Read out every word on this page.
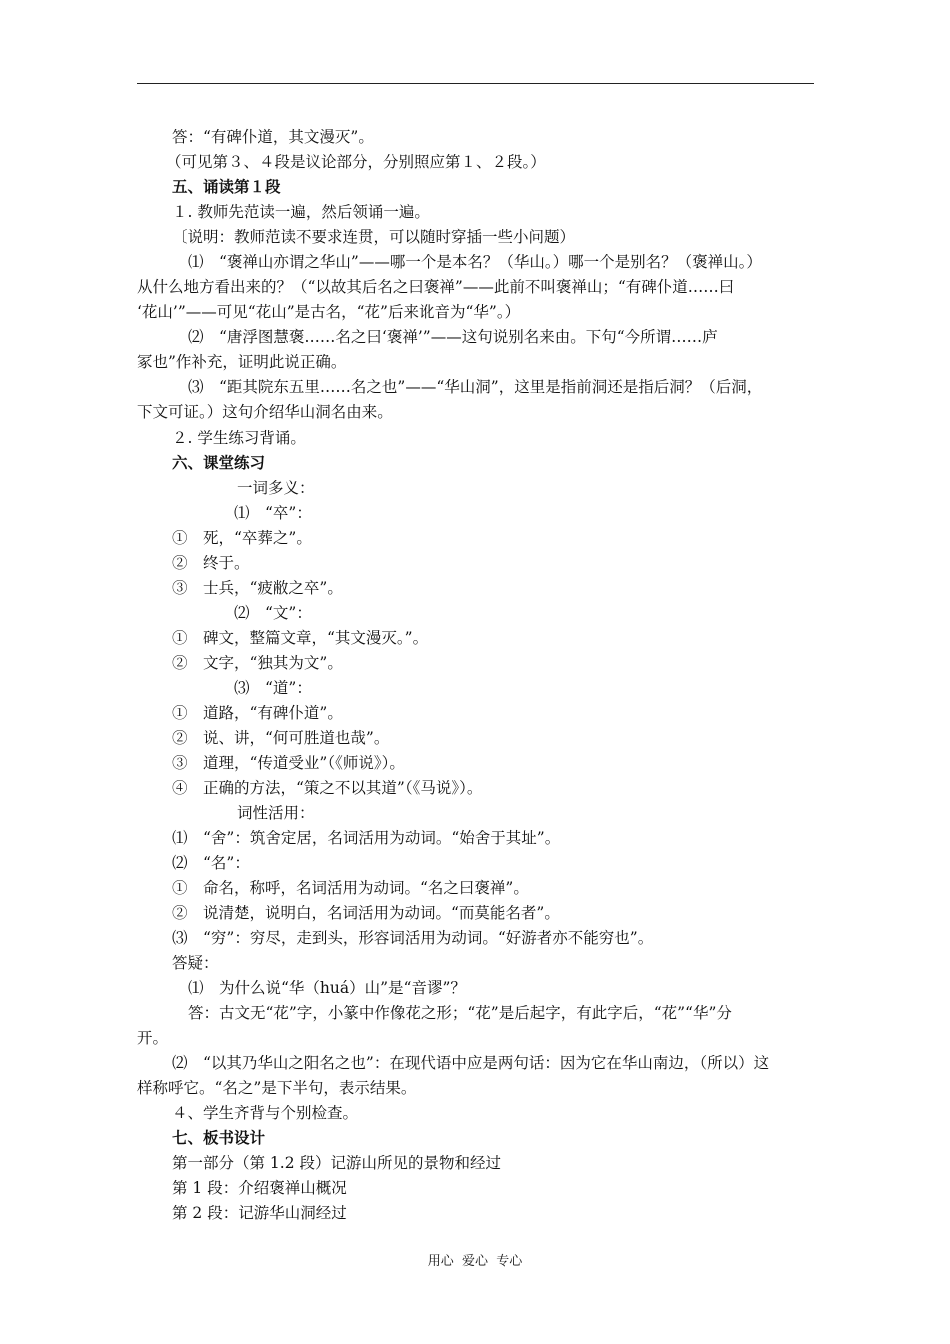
答：“有碑仆道，其文漫灭”。
（可见第３、４段是议论部分，分别照应第１、２段。）
五、诵读第１段
１. 教师先范读一遍，然后领诵一遍。
〔说明：教师范读不要求连贯，可以随时穿插一些小问题）
⑴　“褒禅山亦谓之华山”——哪一个是本名？（华山。）哪一个是别名？（褒禅山。）
从什么地方看出来的？（“以故其后名之曰褒禅”——此前不叫褒禅山；“有碑仆道……曰
‘花山’”——可见“花山”是古名，“花”后来讹音为“华”。）
⑵　“唐浮图慧褒……名之曰‘褒禅’”——这句说别名来由。下句“今所谓……庐
冢也”作补充，证明此说正确。
⑶　“距其院东五里……名之也”——“华山洞”，这里是指前洞还是指后洞？（后洞，
下文可证。）这句介绍华山洞名由来。
２. 学生练习背诵。
六、课堂练习
一词多义：
⑴　“卒”：
①　死，“卒葬之”。
②　终于。
③　士兵，“疲敝之卒”。
⑵　“文”：
①　碑文，整篇文章，“其文漫灭。”。
②　文字，“独其为文”。
⑶　“道”：
①　道路，“有碑仆道”。
②　说、讲，“何可胜道也哉”。
③　道理，“传道受业”（《师说》）。
④　正确的方法，“策之不以其道”（《马说》）。
词性活用：
⑴　“舍”：筑舍定居，名词活用为动词。“始舍于其址”。
⑵　“名”：
①　命名，称呼，名词活用为动词。“名之曰褒禅”。
②　说清楚，说明白，名词活用为动词。“而莫能名者”。
⑶　“穷”：穷尽，走到头，形容词活用为动词。“好游者亦不能穷也”。
答疑：
⑴　为什么说“华（huá）山”是“音谬”？
答：古文无“花”字，小篆中作像花之形；“花”是后起字，有此字后，“花”“华”分
开。
⑵　“以其乃华山之阳名之也”：在现代语中应是两句话：因为它在华山南边，（所以）这
样称呼它。“名之”是下半句，表示结果。
４、学生齐背与个别检查。
七、板书设计
第一部分（第 1.2 段）记游山所见的景物和经过
第 1 段：介绍褒禅山概况
第 2 段：记游华山洞经过
用心  爱心  专心
